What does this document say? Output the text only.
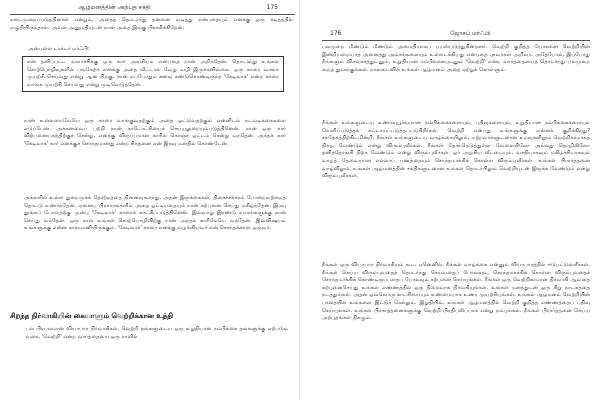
ஆழ்மனத்தின் அற்புத சக்தி	175

நடைமுறைப்படுத்தினாள் என்றும், அதைத் தொடர்ந்து தன்னை வடித்து என்பதையும் எனக்கு ஒரு கடிதத்தில் எழுதியிருந்தாள். அவள் அனுமதியுடன் நான் அதை இங்கு பிரசுரிக்கிறேன்:

அன்புள்ள டாக்டர் மர்ஃபி:

என் தனிப்பட்ட வளர்ச்சிக்கு ஒரு கார் அவசியம் என்பதை நான் அறிந்தேன். தொடர்ந்து உங்கள் சொற்பொழிவுகளில் பங்கேற்க எனக்கு அதை வீட்டால் வேறு வழி இருக்கவில்லை. ஒரு காரை வாங்க முயற்சி செய்வது என்று ஆன பிறகு, நான் எப்போதும் கனவு கண்டுகொண்டிருந்த 'கேடிலாக்' என்ற காரை வாங்க முயற்சி செய்வது என்று முடிவெடுத்தேன்.

நான் உள்ளமைவேயே ஒரு காரை வாங்குவதற்கும் அதை ஓட்டுவதற்கும் என்னிடம் நடவடிக்கைகளை எடுப்பேன். அக்கனவைப் பற்றி நான் நாடோட்சியைச் செய்யலுறையும்படுத்தினேன். நான் ஒரு கார் விற்பனையகத்திற்குச் சென்று, எனக்கு விருப்பமான காரில் கொஞ்ச ஓட்டம் சென்று வந்தேன். அந்தக் கார் 'கேடிலாக்' கார் எனக்குச் சொந்தமானது என்ற சிந்தனை என் இரவு மனதில் கொண்டேன்.

அக்காரில் உள்ள துறைமுகக் தோற்றத்தை நினைவுகூர்ந்து, அதன் இருக்கைகள், திசைச்சக்கரம் போன்றவற்றைத் தொட்டு உணர்ந்தேன். ஏனைய பிரகாரங்களில் அதை ஓட்டியதையும் நான் கற்பனை செய்து மகிழ்ந்தேன். இரவு தூங்கப் போவதற்கு முன்பு 'கேடிலாக்' காரைக் காட்சிப்படுத்தினேன். இவ்வாறு இரண்டு வாரங்களுக்கு நான் செய்து வந்தேன். ஒரு நாள் உங்கள் சொற்பொழிவிற்கு நான் அந்தக் காரிலேயே வந்தேன். இவ்விஷயம் உங்களுக்கு என்ன காலமானியிருக்கும். 'கேடிலாக்' காரை எனக்கு வழங்கியவர் என் சொந்தக்காரர் ஒருவர்.

சிறந்த நிர்வாகியின் கையாளும் வெற்றிக்கான உத்தி

பல பிரபலமான வியாபார நிர்வாகிகள், வெற்றி தங்களுடைய ஒரு உறுதியான நம்பிக்கை தங்களுக்கு ஏற்படும் வரை, 'வெற்றி' என்ற வார்த்தையை ஒரு நாளில்

176	ஜோசப் மர்ஃபி

பலமுறை மீண்டும் மீண்டும் அமைதியாகப் பயன்படுத்துகின்றனர். வெற்றி குறித்த யோசனை வெற்றியின் இன்றியமையாத அனைத்து அம்சங்களையும் உள்ளடக்கியது என்பதை அவர்கள் அறிவர். அதேபோல், இப்போது நீங்களும் விசுவாசத்துடனும், உறுதியான நம்பிக்கையுடனும் 'வெற்றி' என்ற வார்த்தையைத் தொடர்ந்து பலமுறை கூறத் துவங்குங்கள். நாளடைவில் உங்கள் ஆழ்மனம் அதை ஏற்றுக் கொள்ளும்.

நீங்கள் உங்களுடைய உணர்வுபூர்வமான நம்பிக்கைகளையும், பதிவுகளையும், உறுதியான நம்பிக்கைகளையும் வெளிப்படுத்தக் கட்டாயப்படுத்தப்படுகிறீர்கள். வெற்றி என்பது உங்களுக்கு என்னக் குறிக்கிறது? சந்தேகத்திற்கிடமின்றி, நீங்கள் உங்களுடைய வாழ்க்கையிலும், மற்றவர்களுடனான உறவுகளிலும் வெற்றிகரமாகத் திகழ வேண்டும் என்று விரும்புவீர்கள். நீங்கள் தேர்ந்தெடுத்துள்ள வேலையிலோ அல்லது தொழிலிலோ தனித்தோங்கி நிற்க வேண்டும் என்று விரும்புவீர்கள். ஓர் அழகிய வீட்டையும், வசதியாகவும் மகிழ்ச்சியாகவும் வாழத் தேவையான எல்லாப் பணத்தையும் சொந்தமாக்கிக் கொள்ள விரும்புவீர்கள். உங்கள் பிரார்த்தனை வாழ்விலும், உங்கள் ஆழ்மனத்தின் சக்திகளுடனான உங்கள் தொடர்பிலும் வெற்றியுடன் இருக்க வேண்டும் என்று விரும்புவீர்கள்.

நீங்கள் ஒரு வியாபார நிர்வாகியும் கூட. ஏனெனில், நீங்கள் வாழ்க்கை என்னும் வியாபாரத்தில் ஈடுபட்டுள்ளீர்கள். நீங்கள் செய்ய விரும்புவதைத் தொடர்ந்து செய்வதைப் போலவும், சொந்தமாக்கிக் கொள்ள விரும்புவதைச் சொந்தமாக்கிக் கொண்டிருப்பதைப் போலவும் கற்பனை செய்யுங்கள். நீங்கள் ஒரு வெற்றிகரமான நிர்வாகி ஆவதை கற்பனைசெய்து உங்கள் எண்ணத்தில் ஒரு நிறைவாக நிர்வகியுங்கள். உங்கள் மனத்துடன் ஒரு சிறு நாடகத்தை நடத்துங்கள். அதன் ஒவ்வொரு காட்சியையும் உண்மையாக உணர முயற்சியுங்கள். உங்கள் ஆழ்மனம் வெற்றியின் பாதையில் உங்களை இட்டுச் செல்லும். இறுதியில், உங்கள் ஆழ்மனத்தில் வெற்றி குறித்த எண்ணத்தைப் பதிவு செய்யுங்கள். உங்கள் பிரார்த்தனைகளுக்கு வெற்றி பிரதிபலிப்பாக என்று நம்புங்கள். நீங்கள் பிரார்த்தனை செய்ய அற்புதங்கள் நிகழும்.
